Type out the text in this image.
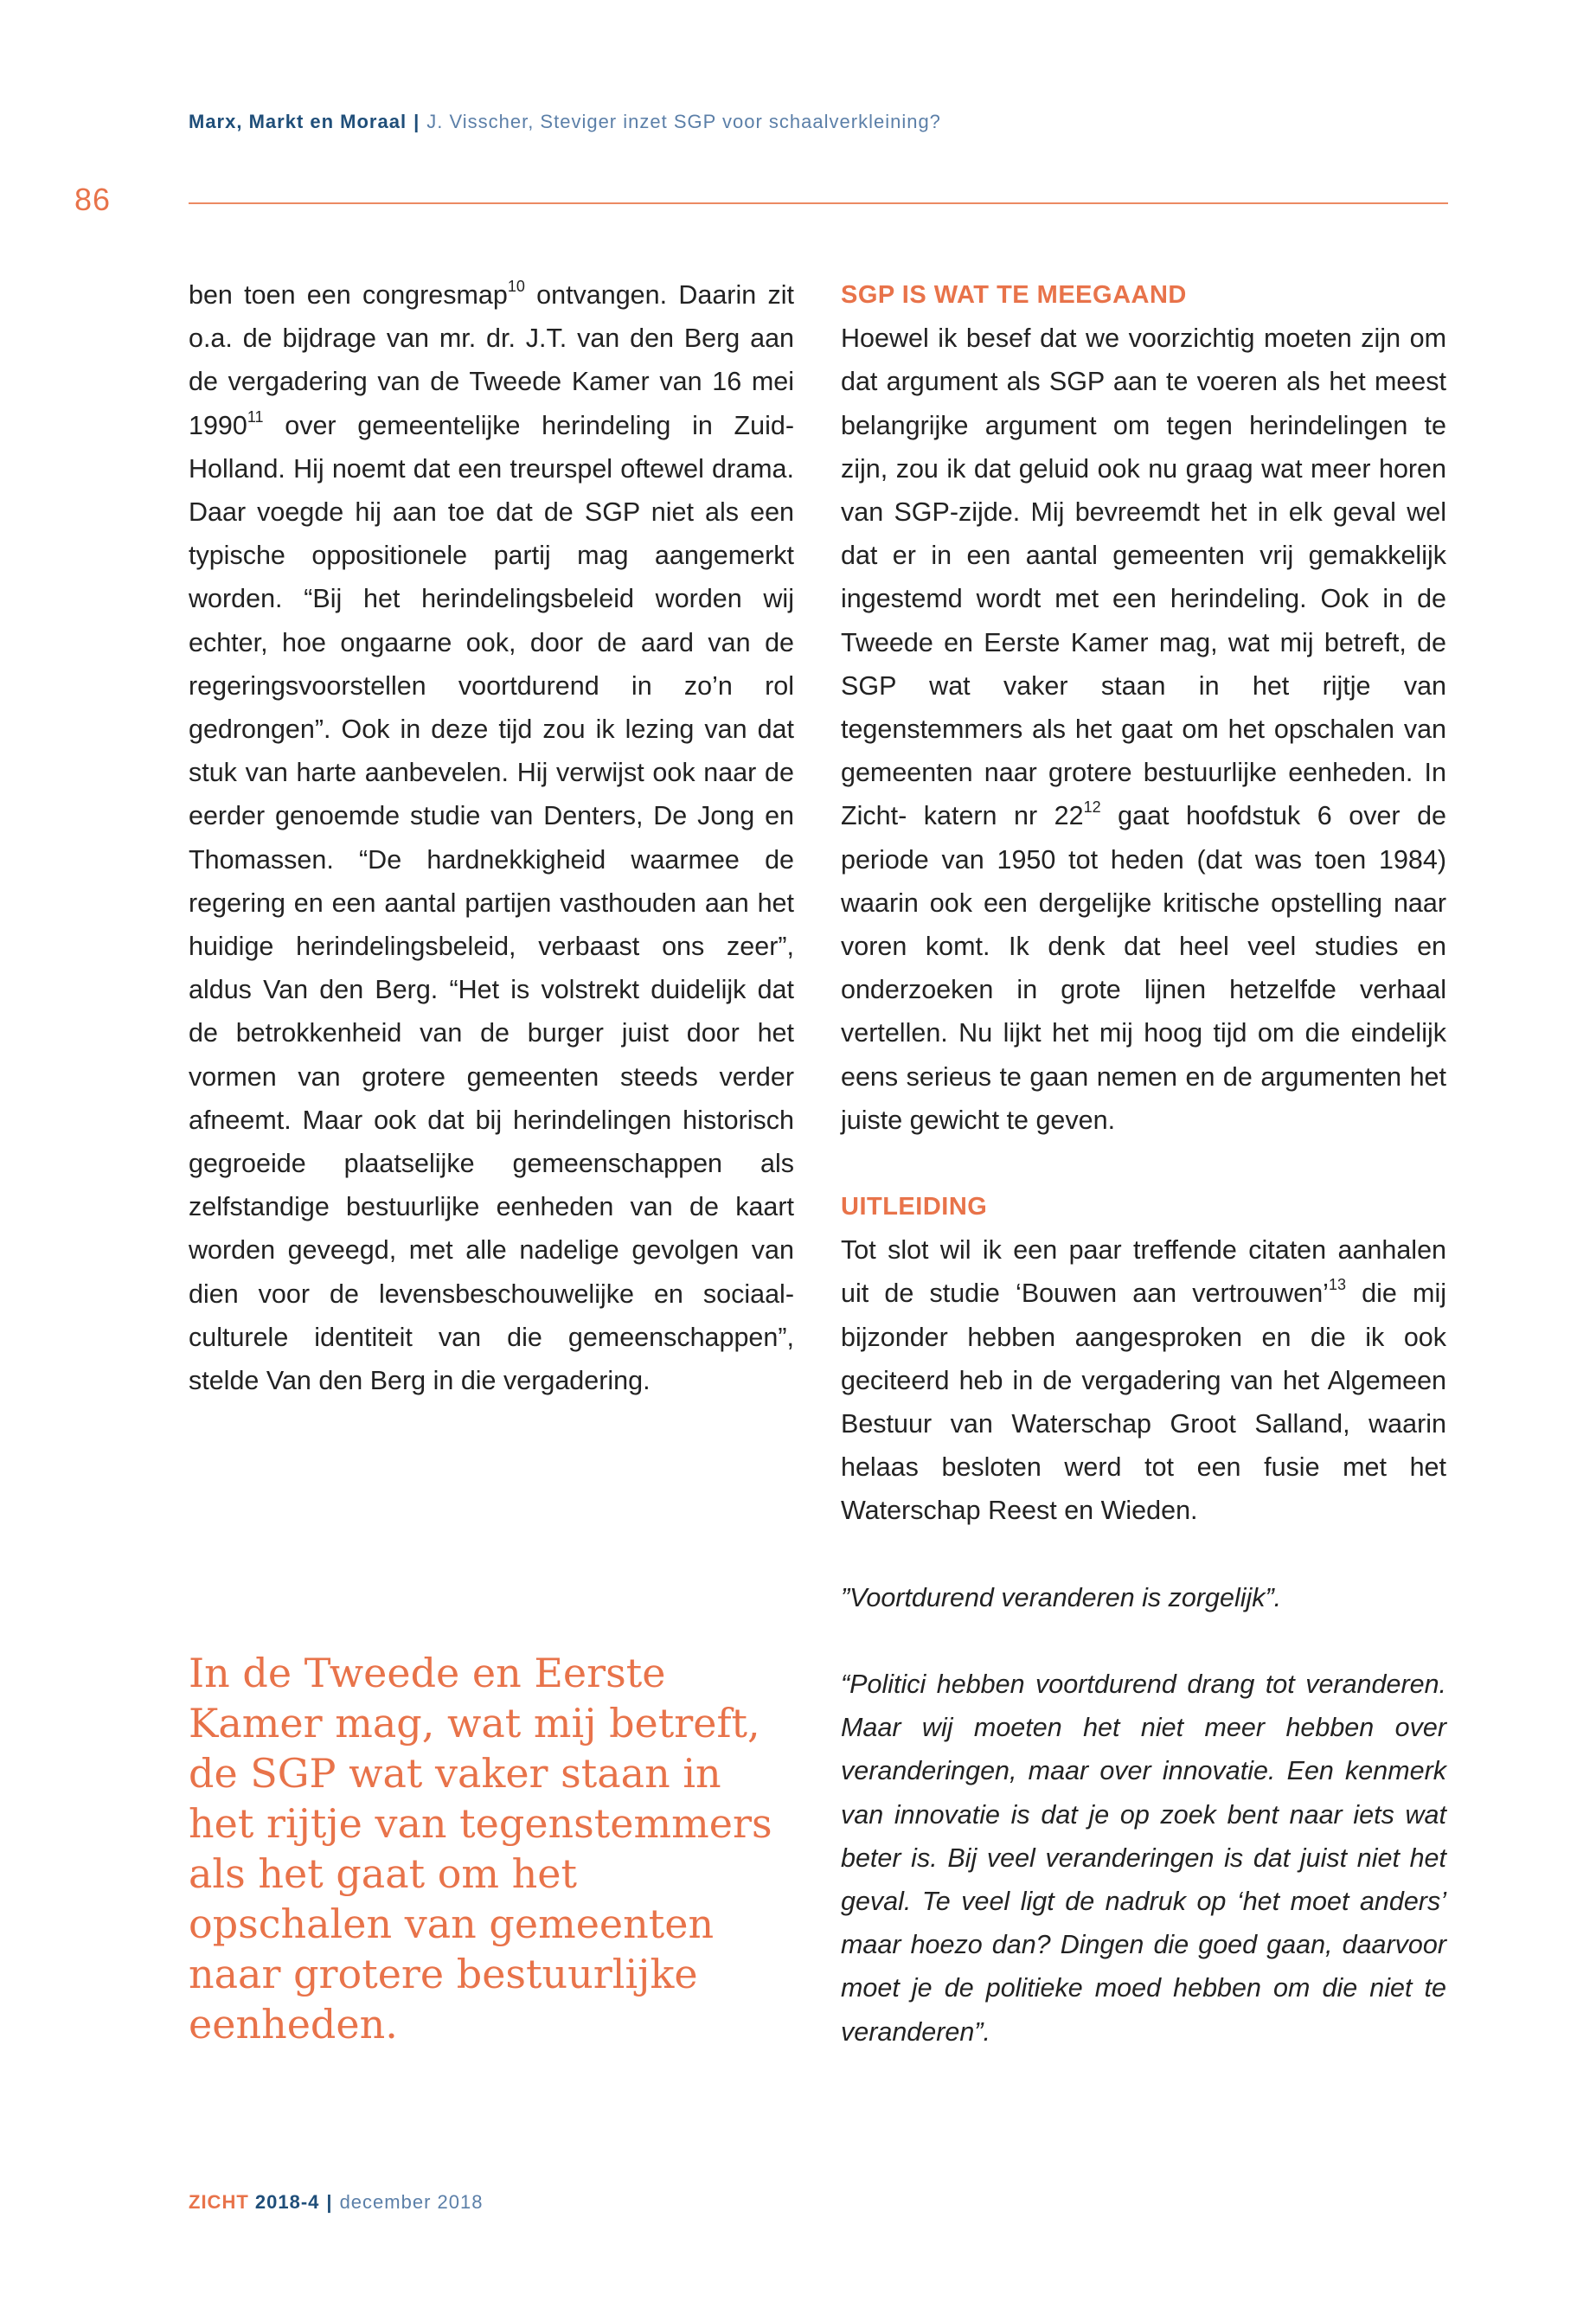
Marx, Markt en Moraal | J. Visscher, Steviger inzet SGP voor schaalverkleining?
86

ben toen een congresmap$^{10}$ ontvangen. Daarin zit o.a. de bijdrage van mr. dr. J.T. van den Berg aan de vergadering van de Tweede Kamer van 16 mei 1990$^{11}$ over gemeentelijke herindeling in Zuid-Holland. Hij noemt dat een treurspel oftewel drama. Daar voegde hij aan toe dat de SGP niet als een typische oppositionele partij mag aangemerkt worden. “Bij het herindelingsbeleid worden wij echter, hoe ongaarne ook, door de aard van de regeringsvoorstellen voortdurend in zo’n rol gedrongen”. Ook in deze tijd zou ik lezing van dat stuk van harte aanbevelen. Hij verwijst ook naar de eerder genoemde studie van Denters, De Jong en Thomassen. “De hardnekkigheid waarmee de regering en een aantal partijen vasthouden aan het huidige herindelingsbeleid, verbaast ons zeer”, aldus Van den Berg. “Het is volstrekt duidelijk dat de betrokkenheid van de burger juist door het vormen van grotere gemeenten steeds verder afneemt. Maar ook dat bij herindelingen historisch gegroeide plaatselijke gemeenschappen als zelfstandige bestuurlijke eenheden van de kaart worden geveegd, met alle nadelige gevolgen van dien voor de levensbeschouwelijke en sociaal-culturele identiteit van die gemeenschappen”, stelde Van den Berg in die vergadering.

In de Tweede en Eerste Kamer mag, wat mij betreft, de SGP wat vaker staan in het rijtje van tegenstemmers als het gaat om het opschalen van gemeenten naar grotere bestuurlijke eenheden.

SGP IS WAT TE MEEGAAND

Hoewel ik besef dat we voorzichtig moeten zijn om dat argument als SGP aan te voeren als het meest belangrijke argument om tegen herindelingen te zijn, zou ik dat geluid ook nu graag wat meer horen van SGP-zijde. Mij bevreemdt het in elk geval wel dat er in een aantal gemeenten vrij gemakkelijk ingestemd wordt met een herindeling. Ook in de Tweede en Eerste Kamer mag, wat mij betreft, de SGP wat vaker staan in het rijtje van tegenstemmers als het gaat om het opschalen van gemeenten naar grotere bestuurlijke eenheden. In Zicht- katern nr $22^{12}$ gaat hoofdstuk 6 over de periode van 1950 tot heden (dat was toen 1984) waarin ook een dergelijke kritische opstelling naar voren komt. Ik denk dat heel veel studies en onderzoeken in grote lijnen hetzelfde verhaal vertellen. Nu lijkt het mij hoog tijd om die eindelijk eens serieus te gaan nemen en de argumenten het juiste gewicht te geven.

UITLEIDING

Tot slot wil ik een paar treffende citaten aanhalen uit de studie ‘Bouwen aan vertrouwen’$^{13}$ die mij bijzonder hebben aangesproken en die ik ook geciteerd heb in de vergadering van het Algemeen Bestuur van Waterschap Groot Salland, waarin helaas besloten werd tot een fusie met het Waterschap Reest en Wieden.

”Voortdurend veranderen is zorgelijk”.

“Politici hebben voortdurend drang tot veranderen. Maar wij moeten het niet meer hebben over veranderingen, maar over innovatie. Een kenmerk van innovatie is dat je op zoek bent naar iets wat beter is. Bij veel veranderingen is dat juist niet het geval. Te veel ligt de nadruk op ‘het moet anders’ maar hoezo dan? Dingen die goed gaan, daarvoor moet je de politieke moed hebben om die niet te veranderen”.

ZICHT 2018-4 | december 2018
